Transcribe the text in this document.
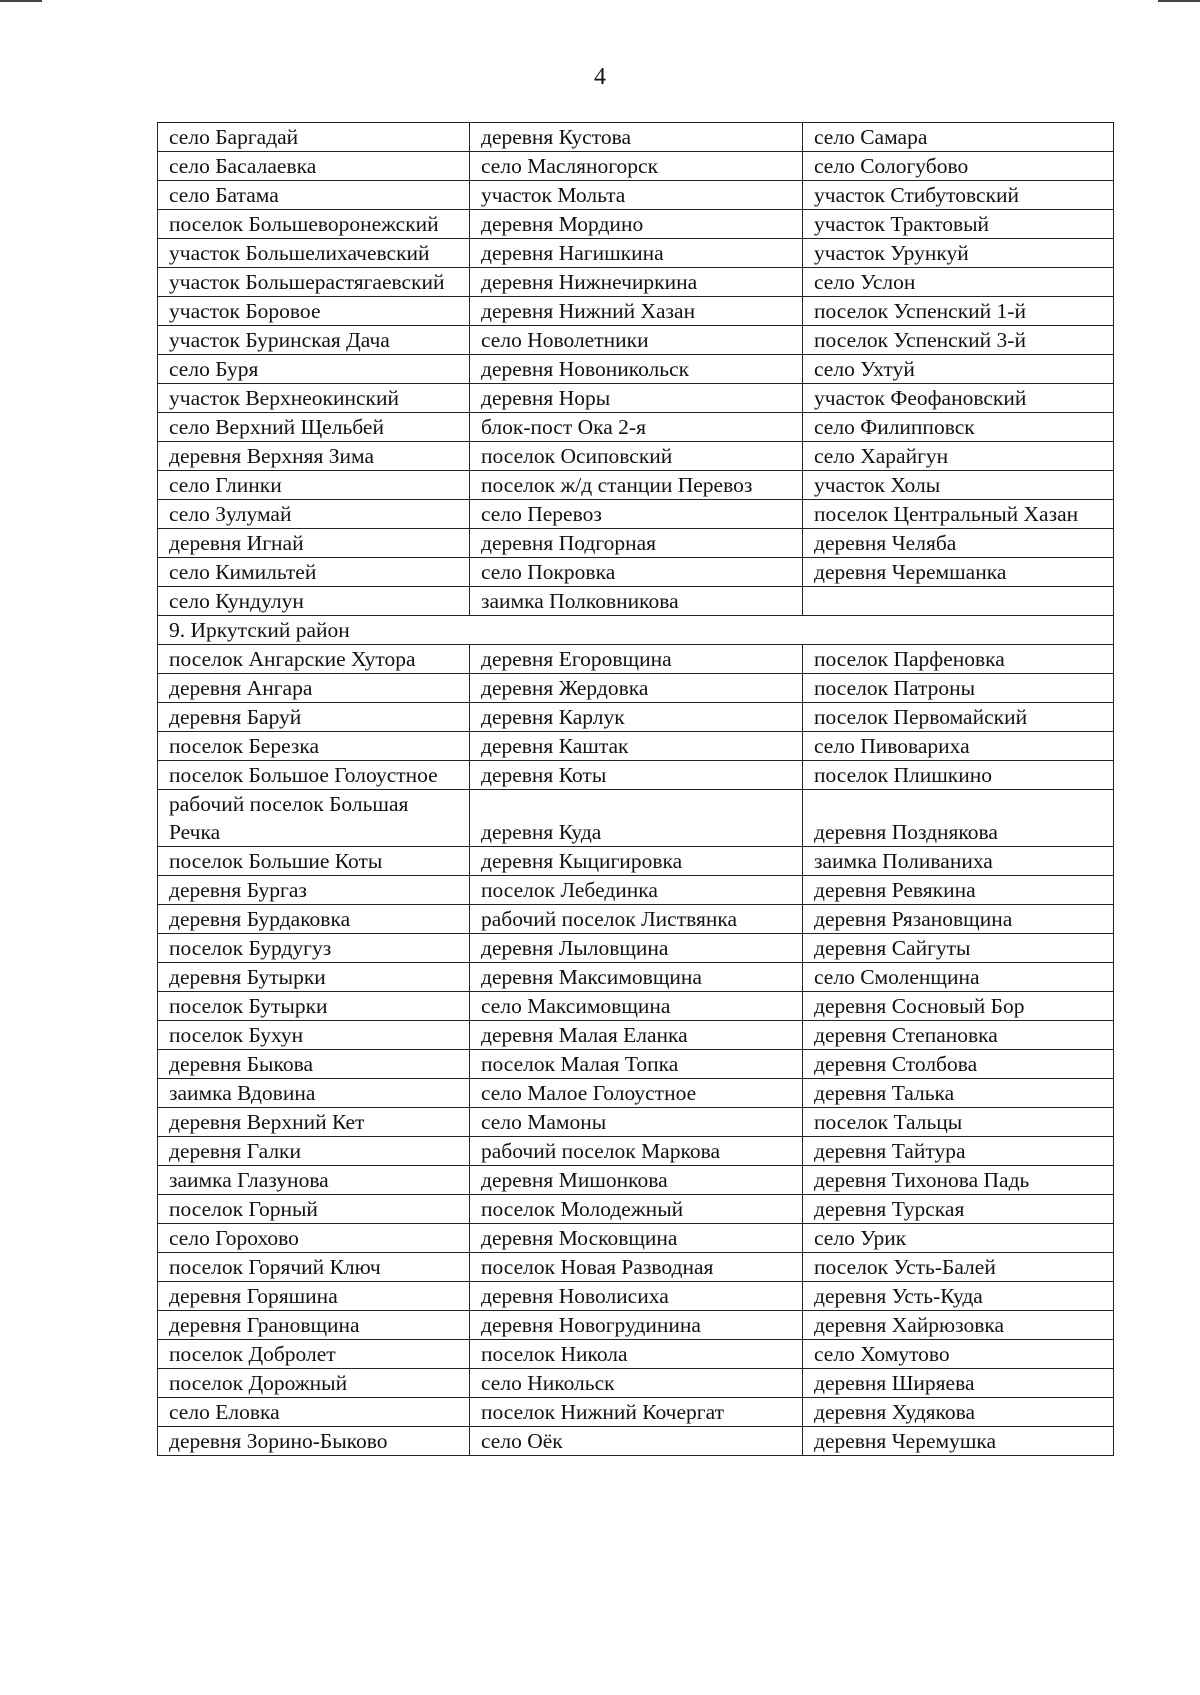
4
село Баргадай	деревня Кустова	село Самара
село Басалаевка	село Масляногорск	село Сологубово
село Батама	участок Мольта	участок Стибутовский
поселок Большеворонежский	деревня Мордино	участок Трактовый
участок Большелихачевский	деревня Нагишкина	участок Урункуй
участок Большерастягаевский	деревня Нижнечиркина	село Услон
участок Боровое	деревня Нижний Хазан	поселок Успенский 1-й
участок Буринская Дача	село Новолетники	поселок Успенский 3-й
село Буря	деревня Новоникольск	село Ухтуй
участок Верхнеокинский	деревня Норы	участок Феофановский
село Верхний Щельбей	блок-пост Ока 2-я	село Филипповск
деревня Верхняя Зима	поселок Осиповский	село Харайгун
село Глинки	поселок ж/д станции Перевоз	участок Холы
село Зулумай	село Перевоз	поселок Центральный Хазан
деревня Игнай	деревня Подгорная	деревня Челяба
село Кимильтей	село Покровка	деревня Черемшанка
село Кундулун	заимка Полковникова	
9. Иркутский район		
поселок Ангарские Хутора	деревня Егоровщина	поселок Парфеновка
деревня Ангара	деревня Жердовка	поселок Патроны
деревня Баруй	деревня Карлук	поселок Первомайский
поселок Березка	деревня Каштак	село Пивовариха
поселок Большое Голоустное	деревня Коты	поселок Плишкино
рабочий поселок Большая Речка	деревня Куда	деревня Позднякова
поселок Большие Коты	деревня Кыцигировка	заимка Поливаниха
деревня Бургаз	поселок Лебединка	деревня Ревякина
деревня Бурдаковка	рабочий поселок Листвянка	деревня Рязановщина
поселок Бурдугуз	деревня Лыловщина	деревня Сайгуты
деревня Бутырки	деревня Максимовщина	село Смоленщина
поселок Бутырки	село Максимовщина	деревня Сосновый Бор
поселок Бухун	деревня Малая Еланка	деревня Степановка
деревня Быкова	поселок Малая Топка	деревня Столбова
заимка Вдовина	село Малое Голоустное	деревня Талька
деревня Верхний Кет	село Мамоны	поселок Тальцы
деревня Галки	рабочий поселок Маркова	деревня Тайтура
заимка Глазунова	деревня Мишонкова	деревня Тихонова Падь
поселок Горный	поселок Молодежный	деревня Турская
село Горохово	деревня Московщина	село Урик
поселок Горячий Ключ	поселок Новая Разводная	поселок Усть-Балей
деревня Горяшина	деревня Новолисиха	деревня Усть-Куда
деревня Грановщина	деревня Новогрудинина	деревня Хайрюзовка
поселок Добролет	поселок Никола	село Хомутово
поселок Дорожный	село Никольск	деревня Ширяева
село Еловка	поселок Нижний Кочергат	деревня Худякова
деревня Зорино-Быково	село Оёк	деревня Черемушка
